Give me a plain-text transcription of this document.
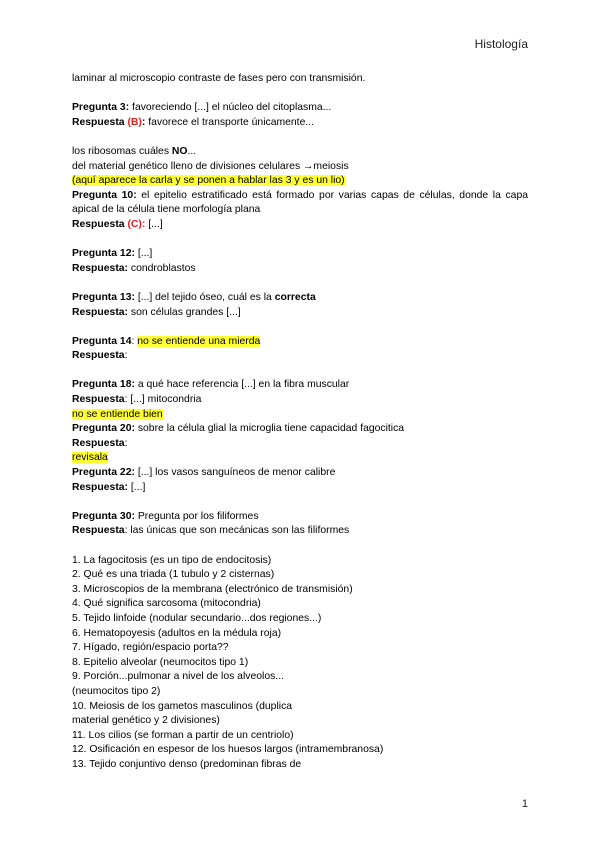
Histología

laminar al microscopio contraste de fases pero con transmisión.

Pregunta 3: favoreciendo [...] el núcleo del citoplasma...

Respuesta (B): favorece el transporte únicamente...

los ribosomas cuáles NO...

del material genético lleno de divisiones celulares →meiosis

(aquí aparece la carla y se ponen a hablar las 3 y es un lio)

Pregunta 10: el epitelio estratificado está formado por varias capas de células, donde la capa apical de la célula tiene morfología plana

Respuesta (C): [...]

Pregunta 12: [...]

Respuesta: condroblastos

Pregunta 13: [...] del tejido óseo, cuál es la correcta

Respuesta: son células grandes [...]

Pregunta 14: no se entiende una mierda

Respuesta:

Pregunta 18: a qué hace referencia [...] en la fibra muscular

Respuesta: [...] mitocondria

no se entiende bien

Pregunta 20: sobre la célula glial la microglia tiene capacidad fagocitica

Respuesta:

revisala

Pregunta 22: [...] los vasos sanguíneos de menor calibre

Respuesta: [...]

Pregunta 30: Pregunta por los filiformes

Respuesta: las únicas que son mecánicas son las filiformes

1. La fagocitosis (es un tipo de endocitosis)

2. Qué es una triada (1 tubulo y 2 cisternas)

3. Microscopios de la membrana (electrónico de transmisión)

4. Qué significa sarcosoma (mitocondria)

5. Tejido linfoide (nodular secundario...dos regiones...)

6. Hematopoyesis (adultos en la médula roja)

7. Hígado, región/espacio porta??

8. Epitelio alveolar (neumocitos tipo 1)

9. Porción...pulmonar a nivel de los alveolos...

(neumocitos tipo 2)

10. Meiosis de los gametos masculinos (duplica

material genético y 2 divisiones)

11. Los cilios (se forman a partir de un centriolo)

12. Osificación en espesor de los huesos largos (intramembranosa)

13. Tejido conjuntivo denso (predominan fibras de

1
